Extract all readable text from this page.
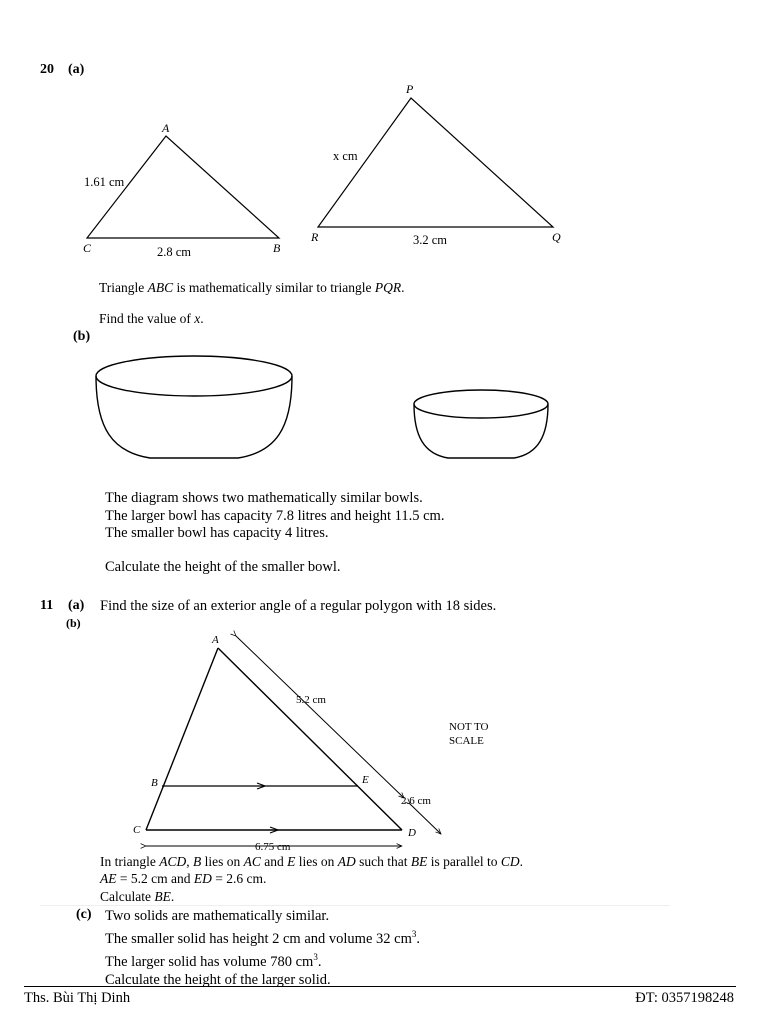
20 (a)
A
C	B
1.61 cm
2.8 cm
P
R	Q
x cm
3.2 cm
Triangle ABC is mathematically similar to triangle PQR.
Find the value of x.
(b)
The diagram shows two mathematically similar bowls.
The larger bowl has capacity 7.8 litres and height 11.5 cm.
The smaller bowl has capacity 4 litres.
Calculate the height of the smaller bowl.
11 (a) Find the size of an exterior angle of a regular polygon with 18 sides.
(b)
A
B
C	D
E
5.2 cm
2.6 cm
6.75 cm
NOT TO
SCALE
In triangle ACD, B lies on AC and E lies on AD such that BE is parallel to CD.
AE = 5.2 cm and ED = 2.6 cm.
Calculate BE.
(c) Two solids are mathematically similar.
The smaller solid has height 2 cm and volume 32 $cm^3$.
The larger solid has volume 780 $cm^3$.
Calculate the height of the larger solid.
Ths. Bùi Thị Dinh	ĐT: 0357198248
